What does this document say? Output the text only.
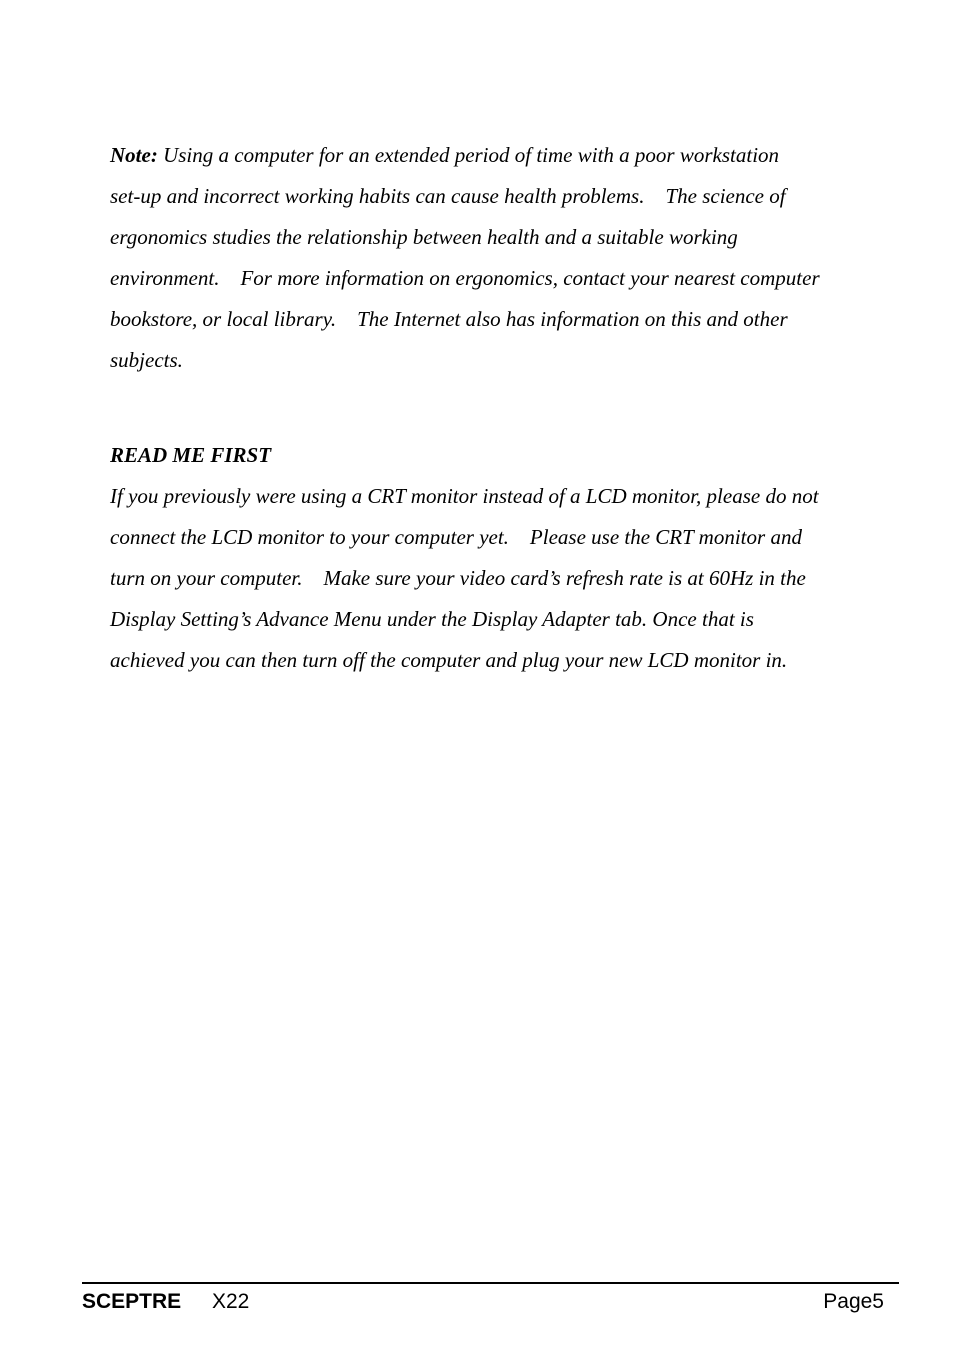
Note: Using a computer for an extended period of time with a poor workstation
set-up and incorrect working habits can cause health problems.    The science of
ergonomics studies the relationship between health and a suitable working
environment.    For more information on ergonomics, contact your nearest computer
bookstore, or local library.    The Internet also has information on this and other
subjects.
READ ME FIRST
If you previously were using a CRT monitor instead of a LCD monitor, please do not
connect the LCD monitor to your computer yet.    Please use the CRT monitor and
turn on your computer.    Make sure your video card’s refresh rate is at 60Hz in the
Display Setting’s Advance Menu under the Display Adapter tab. Once that is
achieved you can then turn off the computer and plug your new LCD monitor in.
SCEPTRE X22	Page5
